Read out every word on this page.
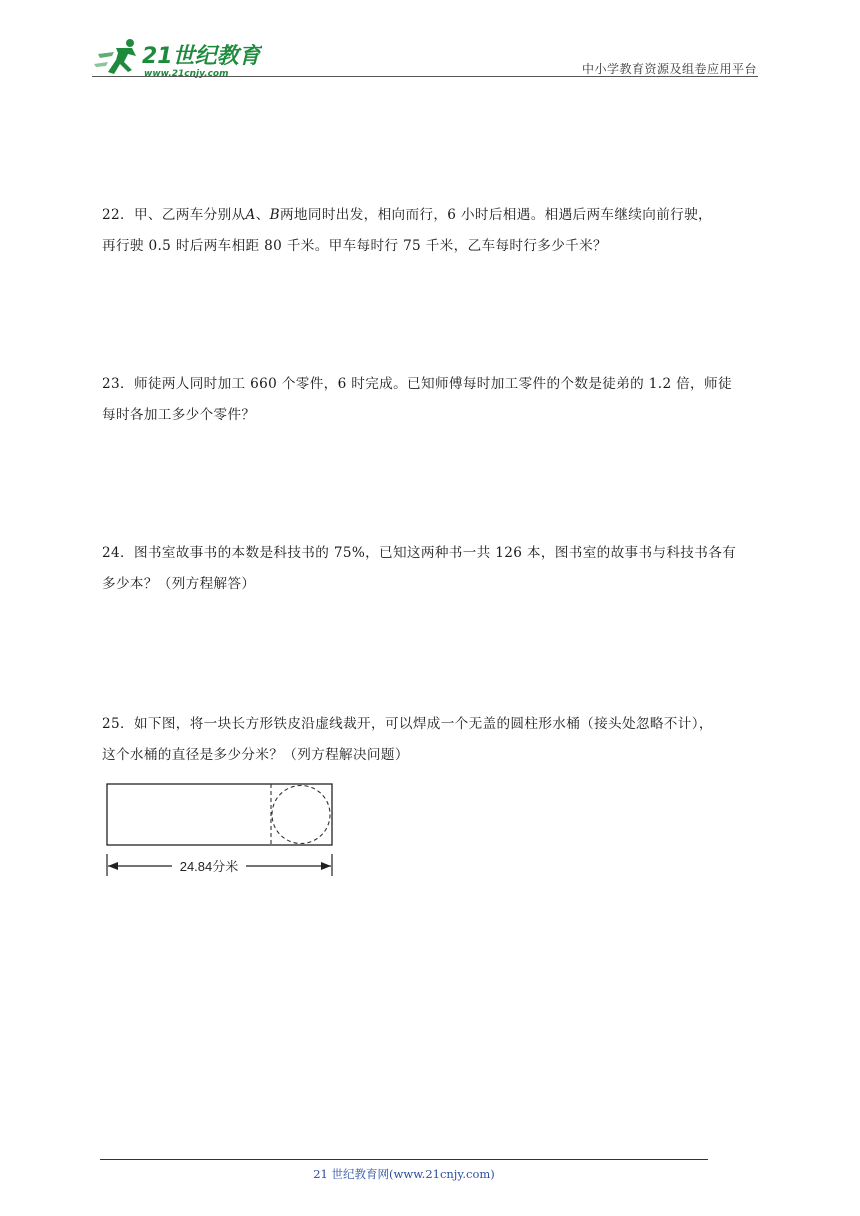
21世纪教育
www.21cnjy.com	中小学教育资源及组卷应用平台

22．甲、乙两车分别从A、B两地同时出发，相向而行，6 小时后相遇。相遇后两车继续向前行驶，

再行驶 0.5 时后两车相距 80 千米。甲车每时行 75 千米，乙车每时行多少千米？

23．师徒两人同时加工 660 个零件，6 时完成。已知师傅每时加工零件的个数是徒弟的 1.2 倍，师徒

每时各加工多少个零件？

24．图书室故事书的本数是科技书的 75%，已知这两种书一共 126 本，图书室的故事书与科技书各有

多少本？（列方程解答）

25．如下图，将一块长方形铁皮沿虚线裁开，可以焊成一个无盖的圆柱形水桶（接头处忽略不计），

这个水桶的直径是多少分米？（列方程解决问题）

24.84分米
21 世纪教育网(www.21cnjy.com)
